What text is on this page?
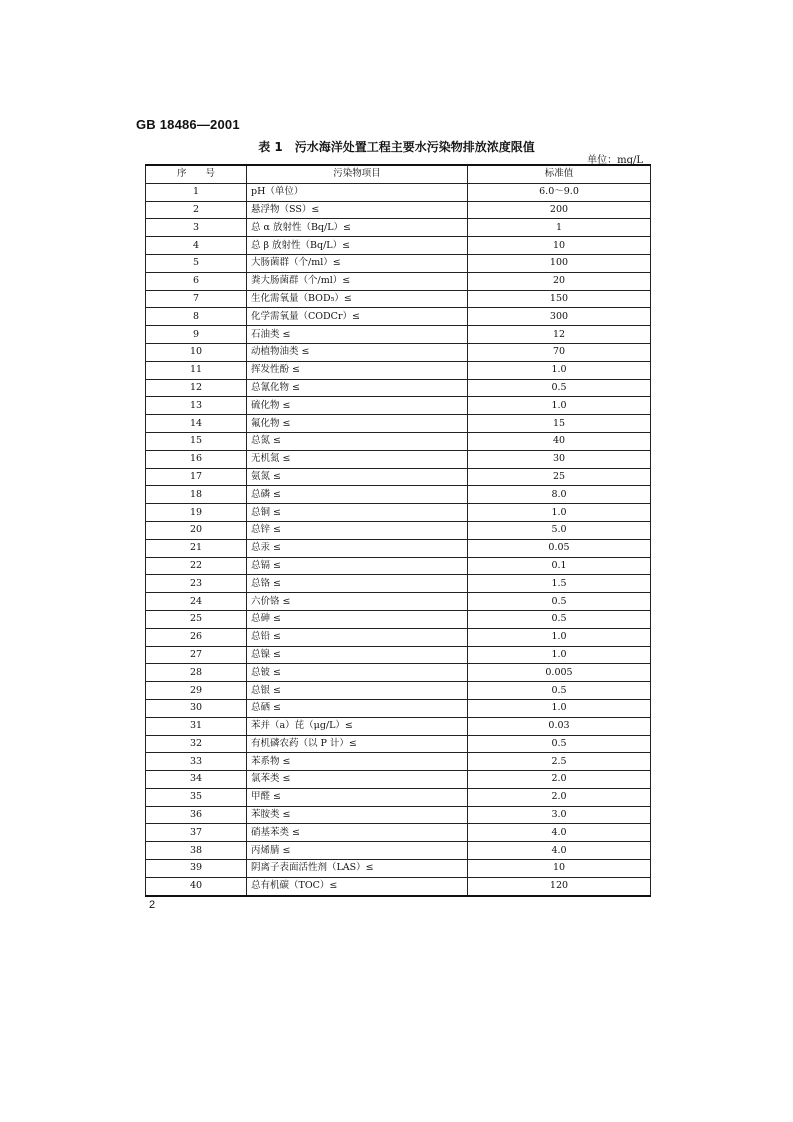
GB 18486—2001
表 1　污水海洋处置工程主要水污染物排放浓度限值
单位：mg/L
序　　号	污染物项目	标准值
1	pH（单位）	6.0～9.0
2	悬浮物（SS）≤	200
3	总 α 放射性（Bq/L）≤	1
4	总 β 放射性（Bq/L）≤	10
5	大肠菌群（个/ml）≤	100
6	粪大肠菌群（个/ml）≤	20
7	生化需氧量（BOD₅）≤	150
8	化学需氧量（CODCr）≤	300
9	石油类 ≤	12
10	动植物油类 ≤	70
11	挥发性酚 ≤	1.0
12	总氰化物 ≤	0.5
13	硫化物 ≤	1.0
14	氟化物 ≤	15
15	总氮 ≤	40
16	无机氮 ≤	30
17	氨氮 ≤	25
18	总磷 ≤	8.0
19	总铜 ≤	1.0
20	总锌 ≤	5.0
21	总汞 ≤	0.05
22	总镉 ≤	0.1
23	总铬 ≤	1.5
24	六价铬 ≤	0.5
25	总砷 ≤	0.5
26	总铅 ≤	1.0
27	总镍 ≤	1.0
28	总铍 ≤	0.005
29	总银 ≤	0.5
30	总硒 ≤	1.0
31	苯并（a）芘（μg/L）≤	0.03
32	有机磷农药（以 P 计）≤	0.5
33	苯系物 ≤	2.5
34	氯苯类 ≤	2.0
35	甲醛 ≤	2.0
36	苯胺类 ≤	3.0
37	硝基苯类 ≤	4.0
38	丙烯腈 ≤	4.0
39	阴离子表面活性剂（LAS）≤	10
40	总有机碳（TOC）≤	120
2
